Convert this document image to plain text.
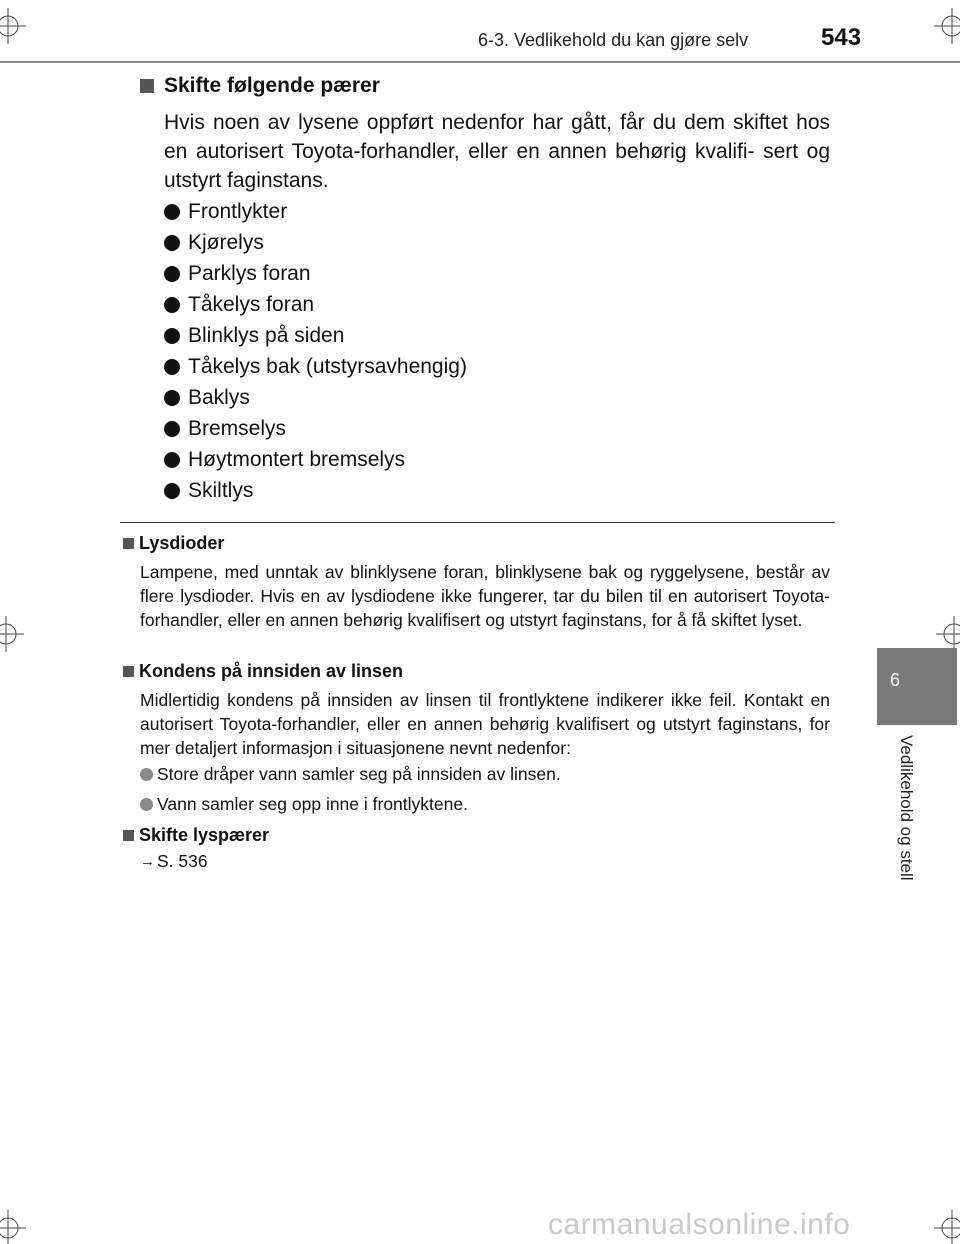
6-3. Vedlikehold du kan gjøre selv	543
6
Vedlikehold og stell
Skifte følgende pærer
Hvis noen av lysene oppført nedenfor har gått, får du dem skiftet hos en autorisert Toyota-forhandler, eller en annen behørig kvalifi- sert og utstyrt faginstans.
Frontlykter
Kjørelys
Parklys foran
Tåkelys foran
Blinklys på siden
Tåkelys bak (utstyrsavhengig)
Baklys
Bremselys
Høytmontert bremselys
Skiltlys
Lysdioder
Lampene, med unntak av blinklysene foran, blinklysene bak og ryggelysene, består av flere lysdioder. Hvis en av lysdiodene ikke fungerer, tar du bilen til en autorisert Toyota-forhandler, eller en annen behørig kvalifisert og utstyrt faginstans, for å få skiftet lyset.
Kondens på innsiden av linsen
Midlertidig kondens på innsiden av linsen til frontlyktene indikerer ikke feil. Kontakt en autorisert Toyota-forhandler, eller en annen behørig kvalifisert og utstyrt faginstans, for mer detaljert informasjon i situasjonene nevnt nedenfor:
Store dråper vann samler seg på innsiden av linsen.
Vann samler seg opp inne i frontlyktene.
Skifte lyspærer
→ S. 536
carmanualsonline.info
